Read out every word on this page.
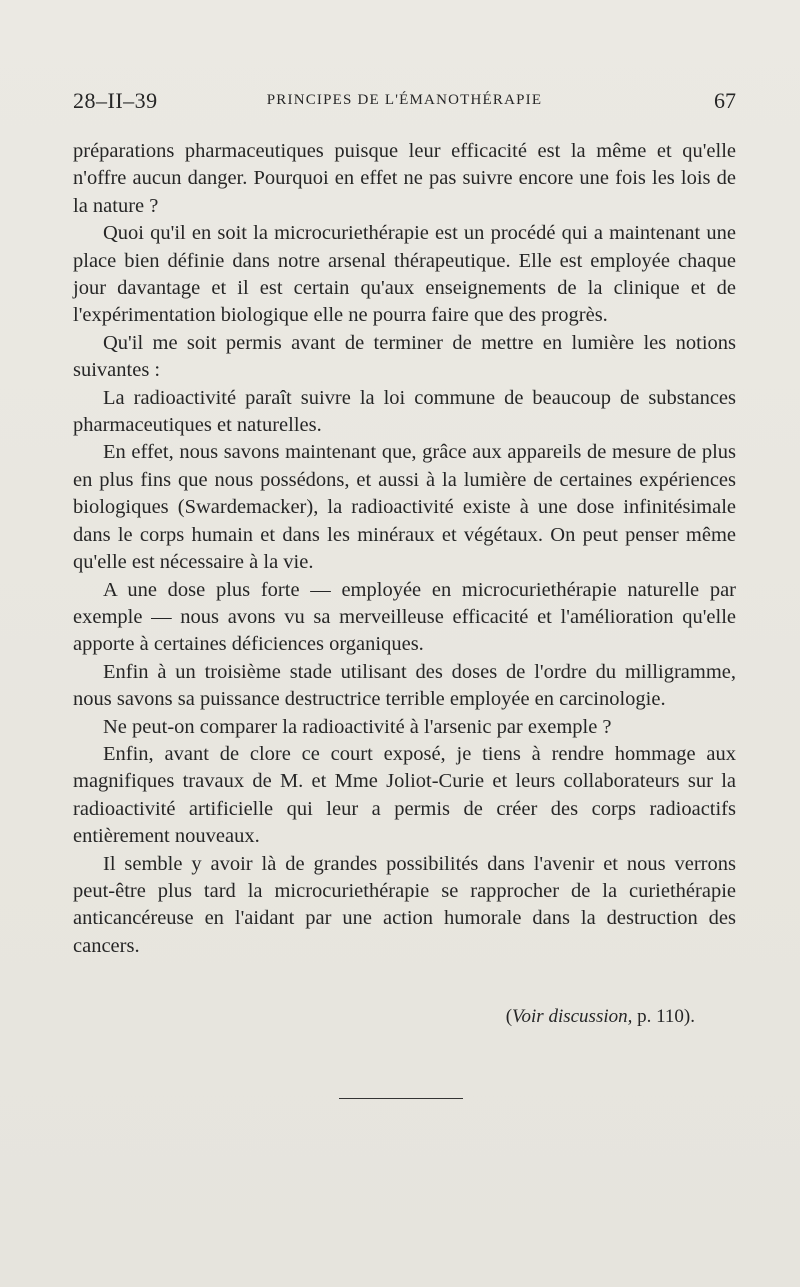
28–II–39	PRINCIPES DE L'ÉMANOTHÉRAPIE	67

préparations pharmaceutiques puisque leur efficacité est la même et qu'elle n'offre aucun danger. Pourquoi en effet ne pas suivre encore une fois les lois de la nature ?

Quoi qu'il en soit la microcuriethérapie est un procédé qui a maintenant une place bien définie dans notre arsenal thérapeutique. Elle est employée chaque jour davantage et il est certain qu'aux enseignements de la clinique et de l'expérimentation biologique elle ne pourra faire que des progrès.

Qu'il me soit permis avant de terminer de mettre en lumière les notions suivantes :

La radioactivité paraît suivre la loi commune de beaucoup de substances pharmaceutiques et naturelles.

En effet, nous savons maintenant que, grâce aux appareils de mesure de plus en plus fins que nous possédons, et aussi à la lumière de certaines expériences biologiques (Swardemacker), la radioactivité existe à une dose infinitésimale dans le corps humain et dans les minéraux et végétaux. On peut penser même qu'elle est nécessaire à la vie.

A une dose plus forte — employée en microcuriethérapie naturelle par exemple — nous avons vu sa merveilleuse efficacité et l'amélioration qu'elle apporte à certaines déficiences organiques.

Enfin à un troisième stade utilisant des doses de l'ordre du milligramme, nous savons sa puissance destructrice terrible employée en carcinologie.

Ne peut-on comparer la radioactivité à l'arsenic par exemple ?

Enfin, avant de clore ce court exposé, je tiens à rendre hommage aux magnifiques travaux de M. et Mme Joliot-Curie et leurs collaborateurs sur la radioactivité artificielle qui leur a permis de créer des corps radioactifs entièrement nouveaux.

Il semble y avoir là de grandes possibilités dans l'avenir et nous verrons peut-être plus tard la microcuriethérapie se rapprocher de la curiethérapie anticancéreuse en l'aidant par une action humorale dans la destruction des cancers.

(Voir discussion, p. 110).
